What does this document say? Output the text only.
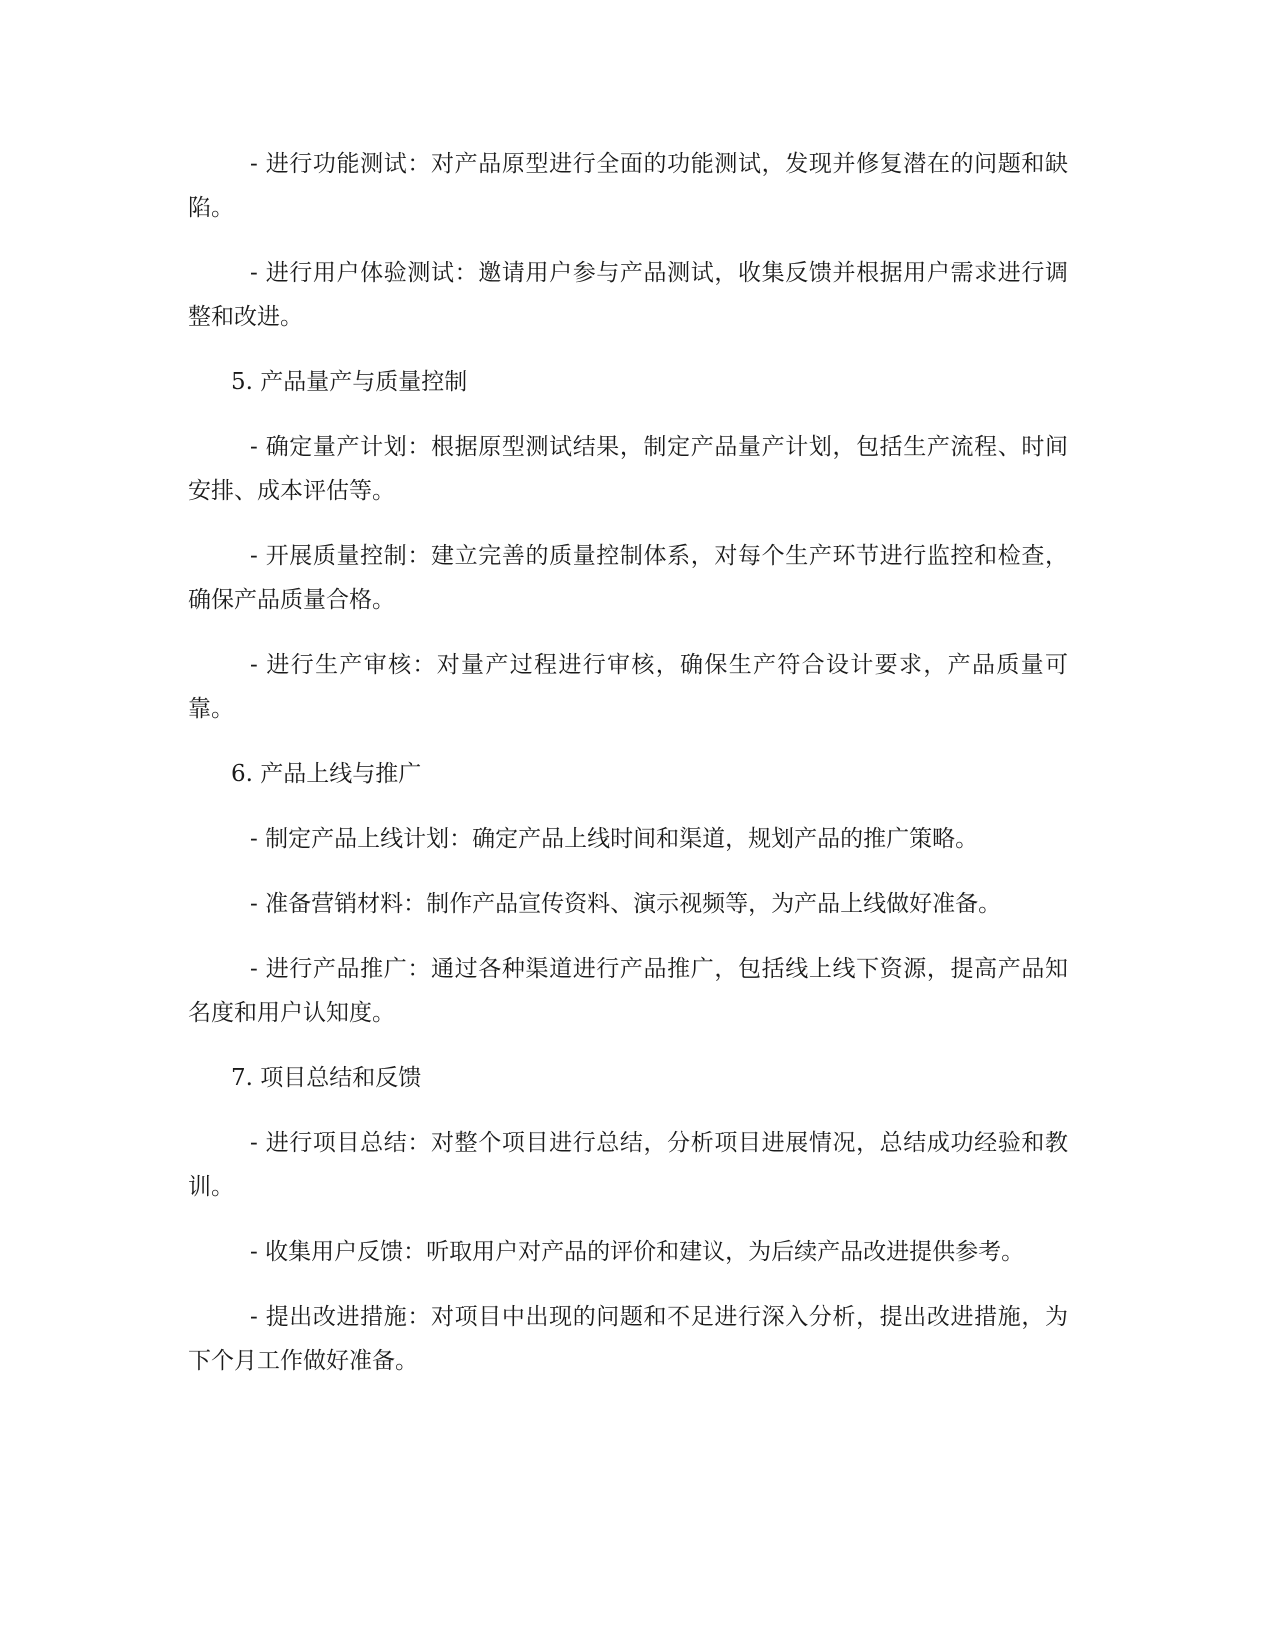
- 进行功能测试：对产品原型进行全面的功能测试，发现并修复潜在的问题和缺陷。

- 进行用户体验测试：邀请用户参与产品测试，收集反馈并根据用户需求进行调整和改进。

5. 产品量产与质量控制

- 确定量产计划：根据原型测试结果，制定产品量产计划，包括生产流程、时间安排、成本评估等。

- 开展质量控制：建立完善的质量控制体系，对每个生产环节进行监控和检查，确保产品质量合格。

- 进行生产审核：对量产过程进行审核，确保生产符合设计要求，产品质量可靠。

6. 产品上线与推广

- 制定产品上线计划：确定产品上线时间和渠道，规划产品的推广策略。

- 准备营销材料：制作产品宣传资料、演示视频等，为产品上线做好准备。

- 进行产品推广：通过各种渠道进行产品推广，包括线上线下资源，提高产品知名度和用户认知度。

7. 项目总结和反馈

- 进行项目总结：对整个项目进行总结，分析项目进展情况，总结成功经验和教训。

- 收集用户反馈：听取用户对产品的评价和建议，为后续产品改进提供参考。

- 提出改进措施：对项目中出现的问题和不足进行深入分析，提出改进措施，为下个月工作做好准备。
